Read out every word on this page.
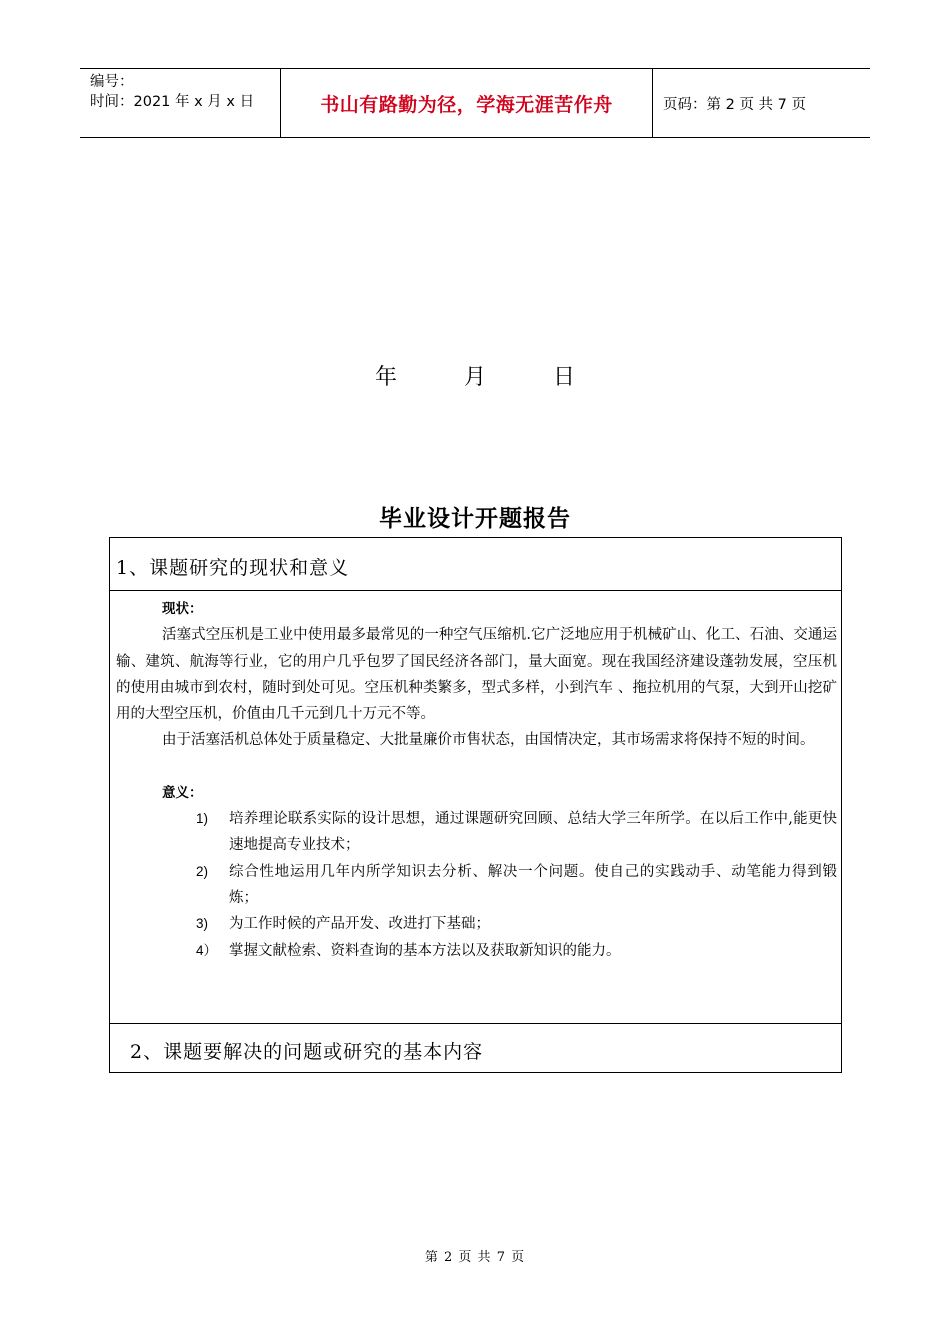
编号：
时间：2021 年 x 月 x 日	书山有路勤为径，学海无涯苦作舟	页码：第 2 页 共 7 页
年	月	日
毕业设计开题报告
1、课题研究的现状和意义
现状：

活塞式空压机是工业中使用最多最常见的一种空气压缩机.它广泛地应用于机械矿山、化工、石油、交通运输、建筑、航海等行业，它的用户几乎包罗了国民经济各部门，量大面宽。现在我国经济建设蓬勃发展，空压机的使用由城市到农村，随时到处可见。空压机种类繁多，型式多样，小到汽车 、拖拉机用的气泵，大到开山挖矿用的大型空压机，价值由几千元到几十万元不等。

由于活塞活机总体处于质量稳定、大批量廉价市售状态，由国情决定，其市场需求将保持不短的时间。

意义：
1) 培养理论联系实际的设计思想，通过课题研究回顾、总结大学三年所学。在以后工作中,能更快速地提高专业技术；
2) 综合性地运用几年内所学知识去分析、解决一个问题。使自己的实践动手、动笔能力得到锻炼；
3) 为工作时候的产品开发、改进打下基础；
4） 掌握文献检索、资料查询的基本方法以及获取新知识的能力。
2、课题要解决的问题或研究的基本内容
第 2 页 共 7 页
